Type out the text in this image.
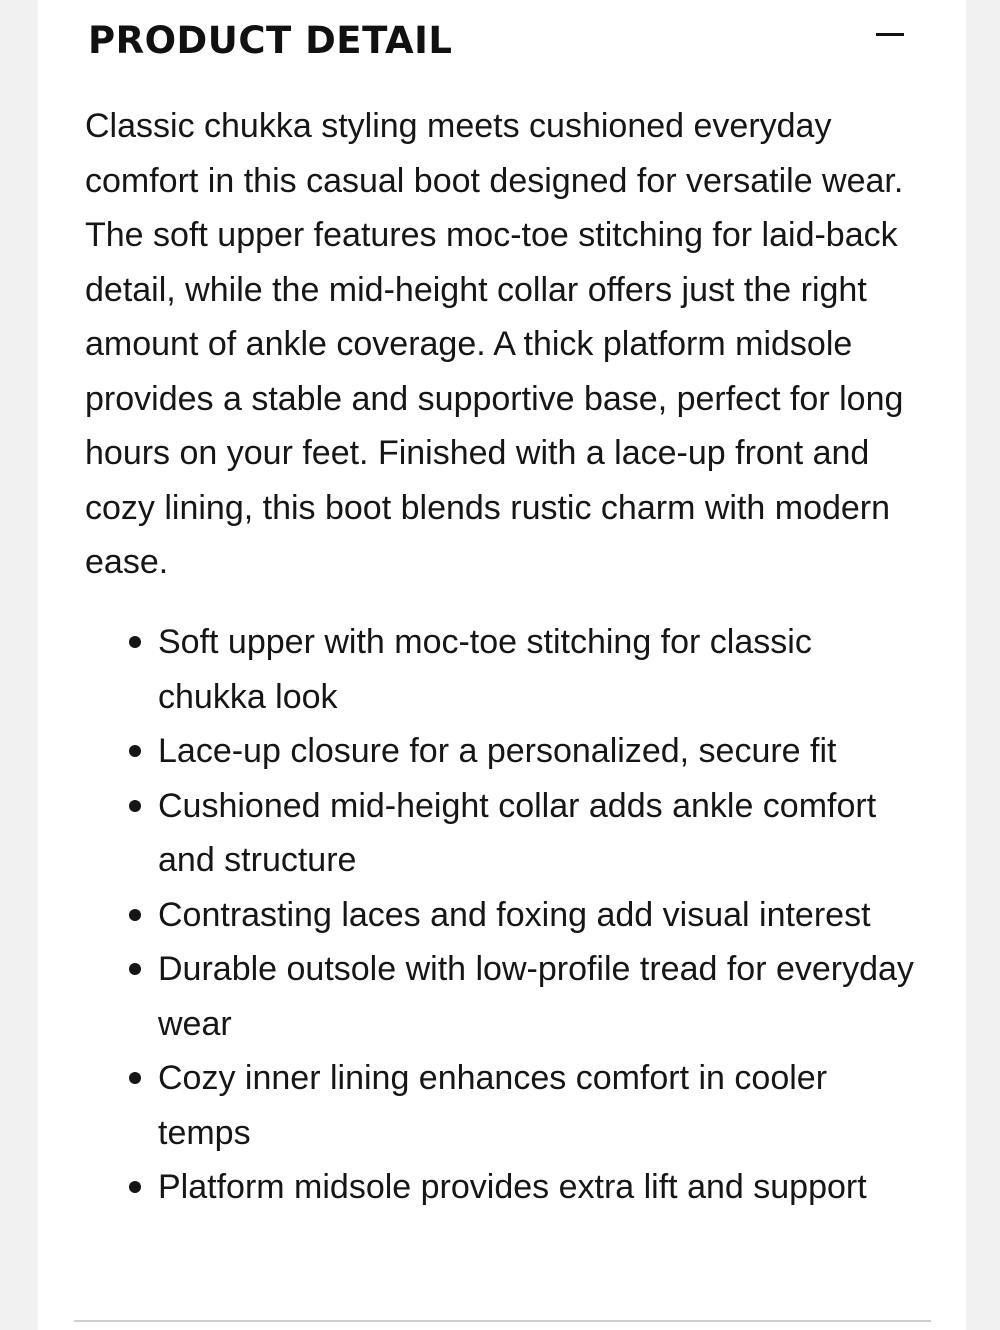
PRODUCT DETAIL

Classic chukka styling meets cushioned everyday comfort in this casual boot designed for versatile wear. The soft upper features moc-toe stitching for laid-back detail, while the mid-height collar offers just the right amount of ankle coverage. A thick platform midsole provides a stable and supportive base, perfect for long hours on your feet. Finished with a lace-up front and cozy lining, this boot blends rustic charm with modern ease.

Soft upper with moc-toe stitching for classic chukka look
Lace-up closure for a personalized, secure fit
Cushioned mid-height collar adds ankle comfort and structure
Contrasting laces and foxing add visual interest
Durable outsole with low-profile tread for everyday wear
Cozy inner lining enhances comfort in cooler temps
Platform midsole provides extra lift and support
